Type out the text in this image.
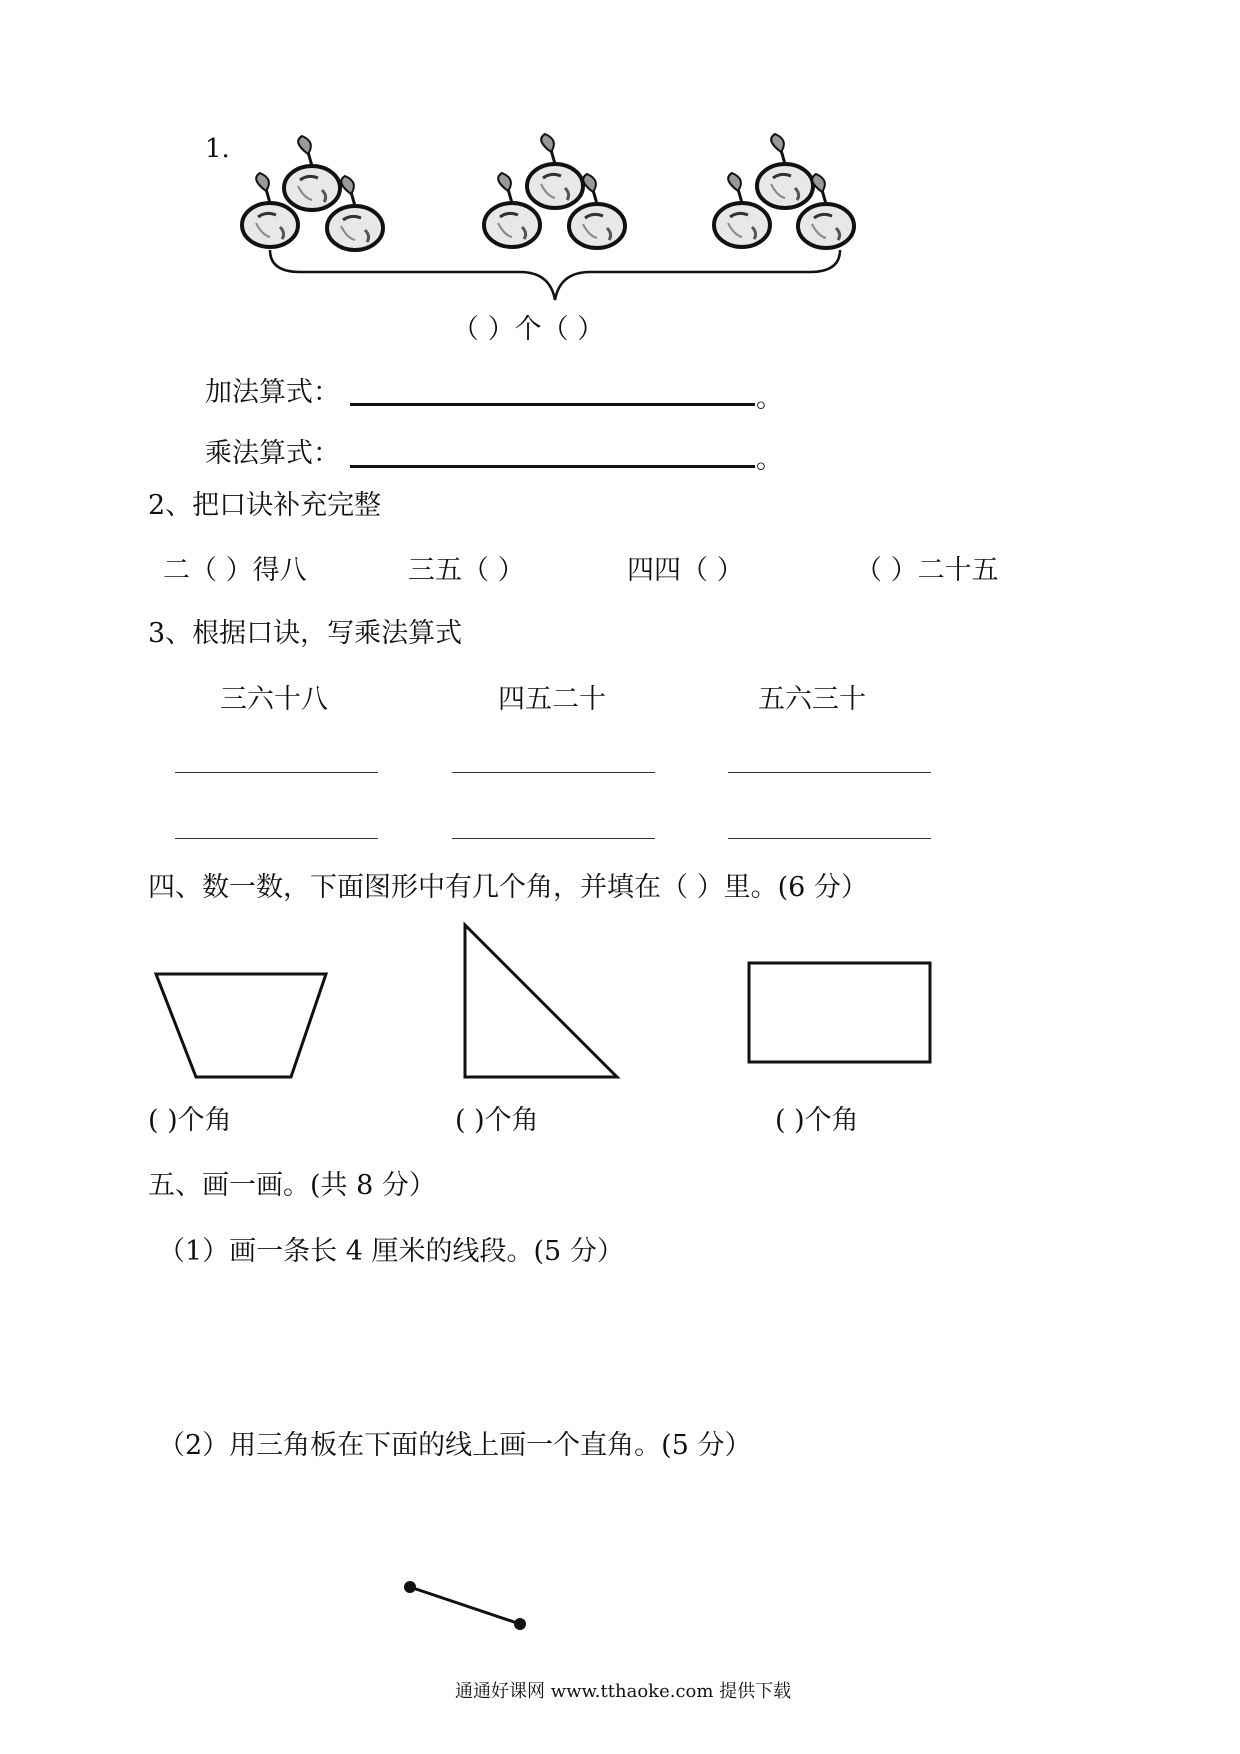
1.
（ ）个（ ）
加法算式：	。
乘法算式：	。
2、把口诀补充完整
二（ ）得八	三五（ ）	四四（ ）	（ ）二十五
3、根据口诀，写乘法算式
三六十八	四五二十	五六三十
四、数一数，下面图形中有几个角，并填在（ ）里。(6 分）
( )个角	( )个角	( )个角
五、画一画。(共 8 分）
（1）画一条长 4 厘米的线段。(5 分）
（2）用三角板在下面的线上画一个直角。(5 分）
通通好课网 www.tthaoke.com 提供下载
